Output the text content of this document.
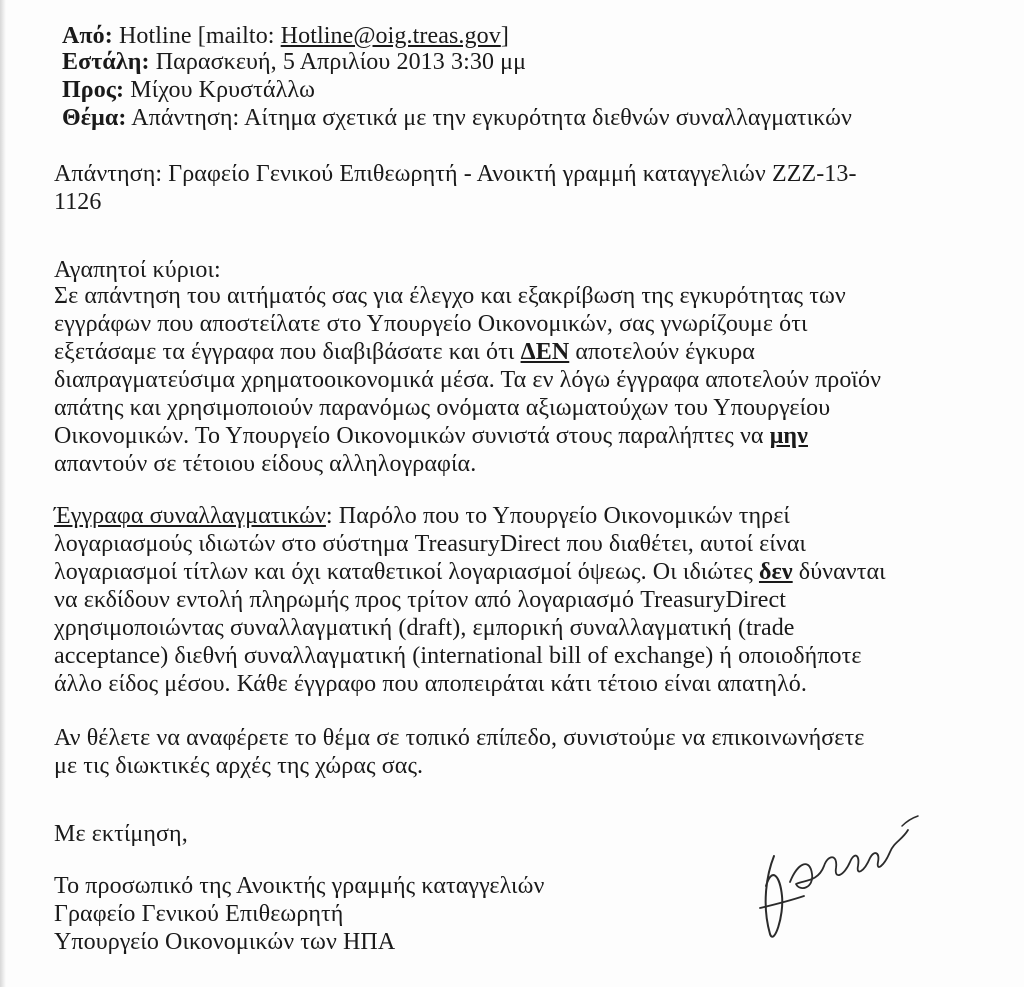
Από: Hotline [mailto: Hotline@oig.treas.gov]
Εστάλη: Παρασκευή, 5 Απριλίου 2013 3:30 μμ
Προς: Μίχου Κρυστάλλω
Θέμα: Απάντηση: Αίτημα σχετικά με την εγκυρότητα διεθνών συναλλαγματικών
Απάντηση: Γραφείο Γενικού Επιθεωρητή - Ανοικτή γραμμή καταγγελιών ZZZ-13-
1126
Αγαπητοί κύριοι:
Σε απάντηση του αιτήματός σας για έλεγχο και εξακρίβωση της εγκυρότητας των
εγγράφων που αποστείλατε στο Υπουργείο Οικονομικών, σας γνωρίζουμε ότι
εξετάσαμε τα έγγραφα που διαβιβάσατε και ότι ΔΕΝ αποτελούν έγκυρα
διαπραγματεύσιμα χρηματοοικονομικά μέσα. Τα εν λόγω έγγραφα αποτελούν προϊόν
απάτης και χρησιμοποιούν παρανόμως ονόματα αξιωματούχων του Υπουργείου
Οικονομικών. Το Υπουργείο Οικονομικών συνιστά στους παραλήπτες να μην
απαντούν σε τέτοιου είδους αλληλογραφία.
Έγγραφα συναλλαγματικών: Παρόλο που το Υπουργείο Οικονομικών τηρεί
λογαριασμούς ιδιωτών στο σύστημα TreasuryDirect που διαθέτει, αυτοί είναι
λογαριασμοί τίτλων και όχι καταθετικοί λογαριασμοί όψεως. Οι ιδιώτες δεν δύνανται
να εκδίδουν εντολή πληρωμής προς τρίτον από λογαριασμό TreasuryDirect
χρησιμοποιώντας συναλλαγματική (draft), εμπορική συναλλαγματική (trade
acceptance) διεθνή συναλλαγματική (international bill of exchange) ή οποιοδήποτε
άλλο είδος μέσου. Κάθε έγγραφο που αποπειράται κάτι τέτοιο είναι απατηλό.
Αν θέλετε να αναφέρετε το θέμα σε τοπικό επίπεδο, συνιστούμε να επικοινωνήσετε
με τις διωκτικές αρχές της χώρας σας.
Με εκτίμηση,
Το προσωπικό της Ανοικτής γραμμής καταγγελιών
Γραφείο Γενικού Επιθεωρητή
Υπουργείο Οικονομικών των ΗΠΑ
